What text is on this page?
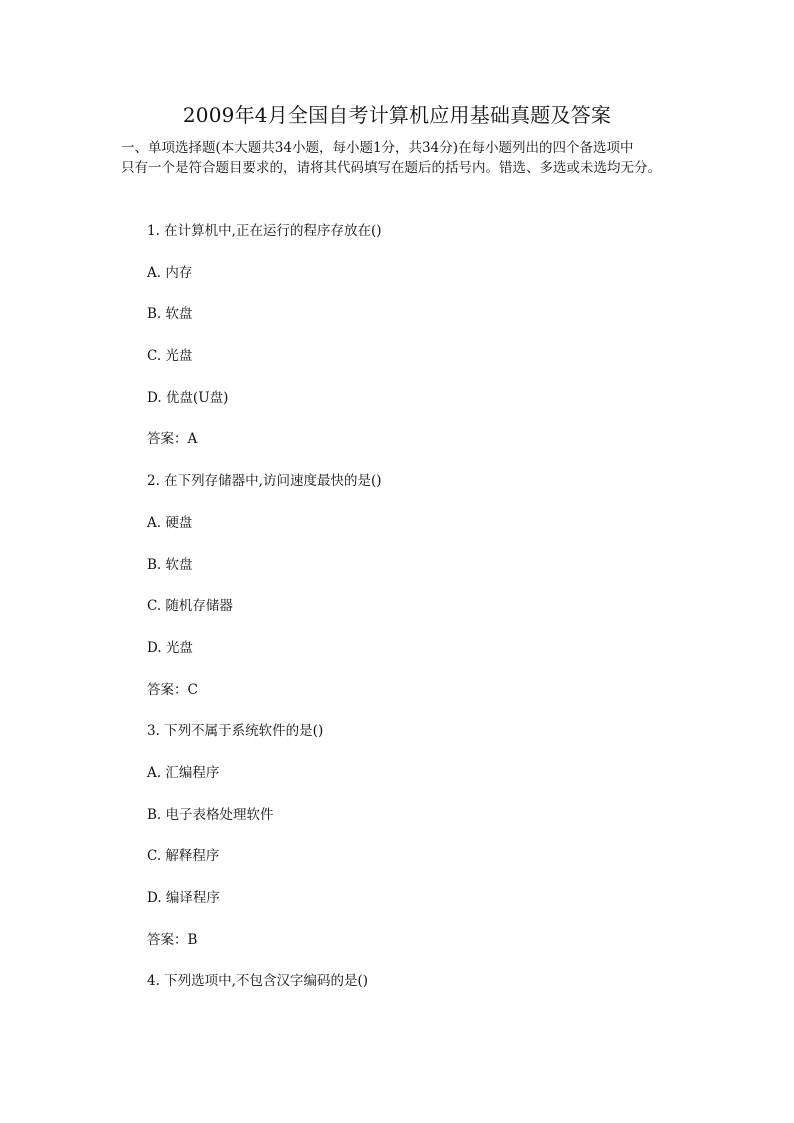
2009年4月全国自考计算机应用基础真题及答案
一、单项选择题(本大题共34小题，每小题1分，共34分)在每小题列出的四个备选项中
只有一个是符合题目要求的，请将其代码填写在题后的括号内。错选、多选或未选均无分。
1. 在计算机中,正在运行的程序存放在()
A. 内存
B. 软盘
C. 光盘
D. 优盘(U盘)
答案：A
2. 在下列存储器中,访问速度最快的是()
A. 硬盘
B. 软盘
C. 随机存储器
D. 光盘
答案：C
3. 下列不属于系统软件的是()
A. 汇编程序
B. 电子表格处理软件
C. 解释程序
D. 编译程序
答案：B
4. 下列选项中,不包含汉字编码的是()
